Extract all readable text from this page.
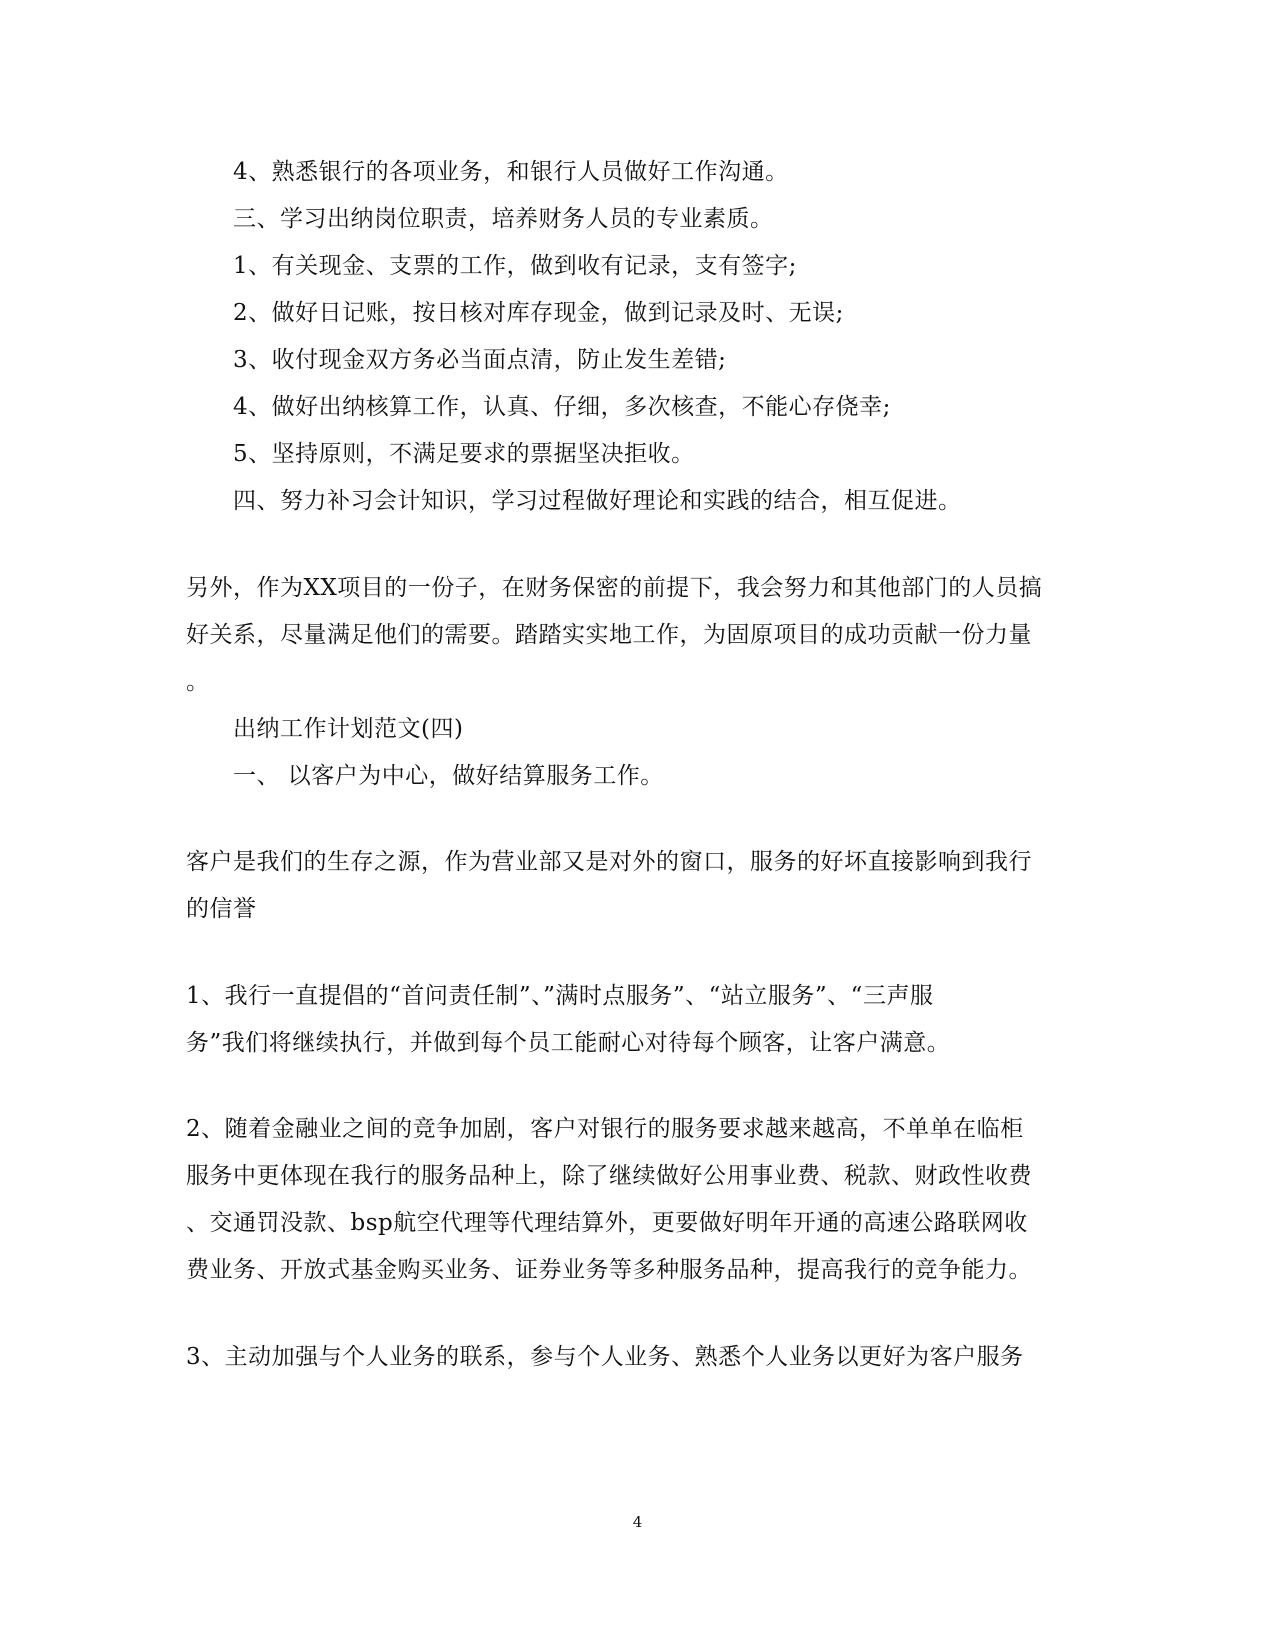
4、熟悉银行的各项业务，和银行人员做好工作沟通。
三、学习出纳岗位职责，培养财务人员的专业素质。
1、有关现金、支票的工作，做到收有记录，支有签字;
2、做好日记账，按日核对库存现金，做到记录及时、无误;
3、收付现金双方务必当面点清，防止发生差错;
4、做好出纳核算工作，认真、仔细，多次核查，不能心存侥幸;
5、坚持原则，不满足要求的票据坚决拒收。
四、努力补习会计知识，学习过程做好理论和实践的结合，相互促进。
另外，作为XX项目的一份子，在财务保密的前提下，我会努力和其他部门的人员搞
好关系，尽量满足他们的需要。踏踏实实地工作，为固原项目的成功贡献一份力量
。
出纳工作计划范文(四)
一、 以客户为中心，做好结算服务工作。
客户是我们的生存之源，作为营业部又是对外的窗口，服务的好坏直接影响到我行
的信誉
1、我行一直提倡的“首问责任制”、”满时点服务”、“站立服务”、“三声服
务”我们将继续执行，并做到每个员工能耐心对待每个顾客，让客户满意。
2、随着金融业之间的竞争加剧，客户对银行的服务要求越来越高，不单单在临柜
服务中更体现在我行的服务品种上，除了继续做好公用事业费、税款、财政性收费
、交通罚没款、bsp航空代理等代理结算外，更要做好明年开通的高速公路联网收
费业务、开放式基金购买业务、证券业务等多种服务品种，提高我行的竞争能力。
3、主动加强与个人业务的联系，参与个人业务、熟悉个人业务以更好为客户服务
4
